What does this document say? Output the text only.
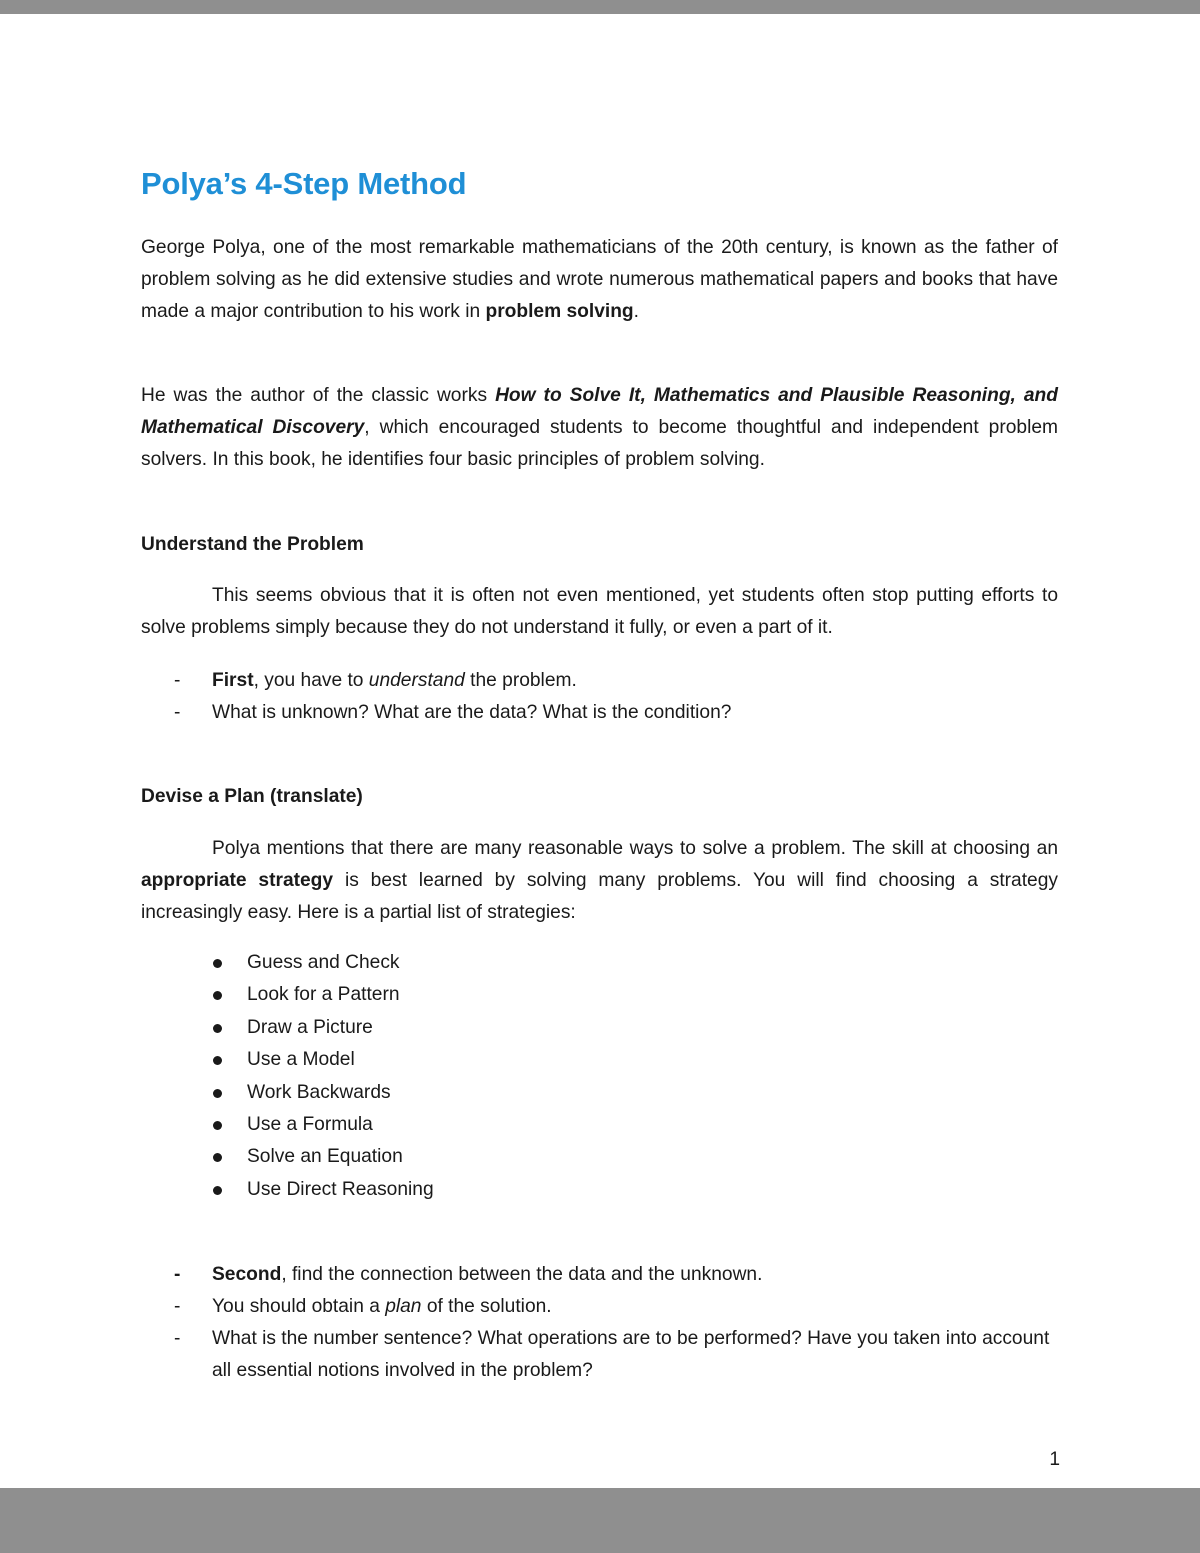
Polya’s 4-Step Method

George Polya, one of the most remarkable mathematicians of the 20th century, is known as the father of problem solving as he did extensive studies and wrote numerous mathematical papers and books that have made a major contribution to his work in problem solving.

He was the author of the classic works How to Solve It, Mathematics and Plausible Reasoning, and Mathematical Discovery, which encouraged students to become thoughtful and independent problem solvers. In this book, he identifies four basic principles of problem solving.

Understand the Problem

This seems obvious that it is often not even mentioned, yet students often stop putting efforts to solve problems simply because they do not understand it fully, or even a part of it.

- First, you have to understand the problem.
- What is unknown? What are the data? What is the condition?
Devise a Plan (translate)

Polya mentions that there are many reasonable ways to solve a problem. The skill at choosing an appropriate strategy is best learned by solving many problems. You will find choosing a strategy increasingly easy. Here is a partial list of strategies:

Guess and Check
Look for a Pattern
Draw a Picture
Use a Model
Work Backwards
Use a Formula
Solve an Equation
Use Direct Reasoning
- Second, find the connection between the data and the unknown.
- You should obtain a plan of the solution.
- What is the number sentence? What operations are to be performed? Have you taken into account all essential notions involved in the problem?
1
